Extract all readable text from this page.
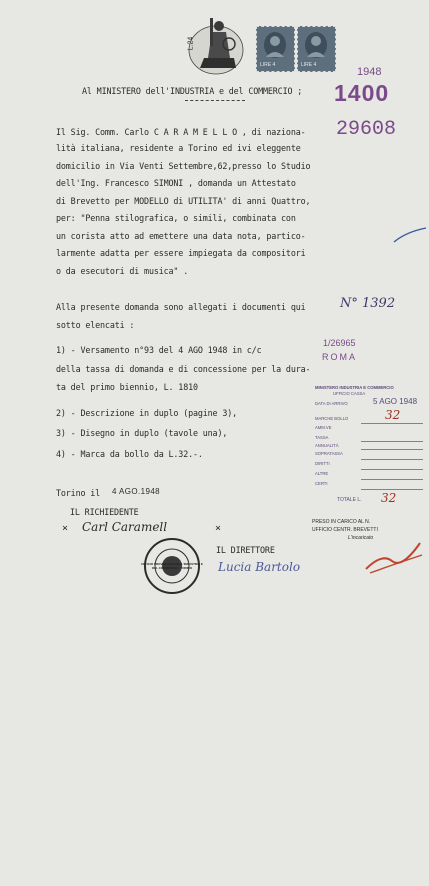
L.24
LIRE 4	LIRE 4
1948
1400
29608
Al MINISTERO dell'INDUSTRIA e del COMMERCIO ;
Il Sig. Comm. Carlo C A R A M E L L O , di naziona-
lità italiana, residente a Torino ed ivi eleggente
domicilio in Via Venti Settembre,62,presso lo Studio
dell'Ing. Francesco SIMONI , domanda un Attestato
di Brevetto per MODELLO di UTILITA' di anni Quattro,
per: "Penna stilografica, o simili, combinata con
un corista atto ad emettere una data nota, partico-
larmente adatta per essere impiegata da compositori
o da esecutori di musica" .
Alla presente domanda sono allegati i documenti qui
sotto elencati :
N° 1392
1) - Versamento n°93 del 4 AGO 1948 in c/c
della tassa di domanda e di concessione per la dura-
ta del primo biennio, L. 1810
2) - Descrizione in duplo (pagine 3),
3) - Disegno in duplo (tavole una),
4) - Marca da bollo da L.32.-.
1/26965
ROMA
MINISTERO INDUSTRIA E COMMERCIO
UFFICIO CASSA
DATA DI ARRIVO	5 AGO 1948
MARCHE BOLLO	32
AMM.VE
TASSA
ANNUALITÀ
SOPRATASSA
DIRITTI
ALTRE
CERTI
TOTALE L. 32
Torino il 4 AGO.1948
IL RICHIEDENTE
Carl Caramell
×	×
UFFICIO PROVINCIALE DELL'INDUSTRIA E DEL COMMERCIO · TORINO
IL DIRETTORE
Lucia Bartolo
PRESO IN CARICO AL N.
UFFICIO CENTR. BREVETTI
L'incaricato
